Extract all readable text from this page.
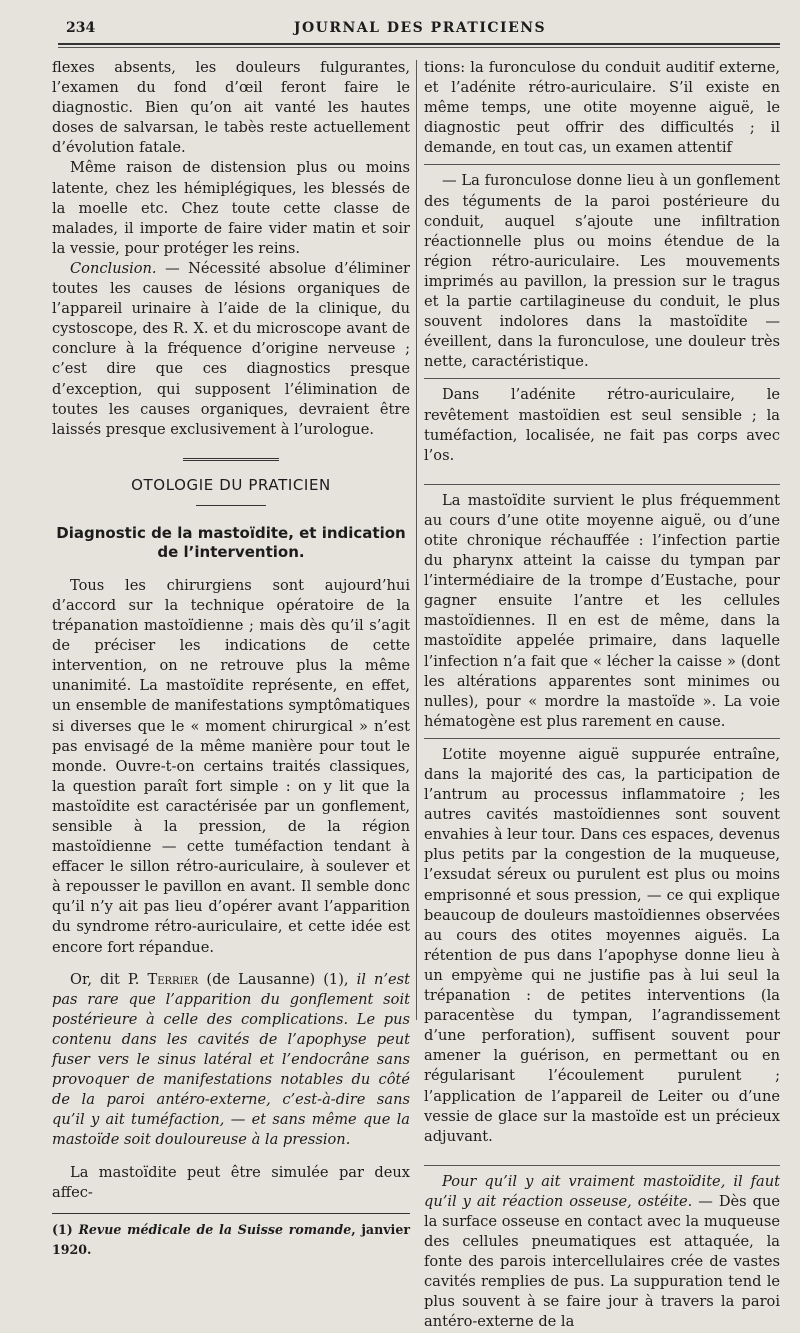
234	JOURNAL DES PRATICIENS

flexes absents, les douleurs fulgurantes, l’examen du fond d’œil feront faire le diagnostic. Bien qu’on ait vanté les hautes doses de salvarsan, le tabès reste actuellement d’évolution fatale.

Même raison de distension plus ou moins latente, chez les hémiplégiques, les blessés de la moelle etc. Chez toute cette classe de malades, il importe de faire vider matin et soir la vessie, pour protéger les reins.

Conclusion. — Nécessité absolue d’éliminer toutes les causes de lésions organiques de l’appareil urinaire à l’aide de la clinique, du cystoscope, des R. X. et du microscope avant de conclure à la fréquence d’origine nerveuse ; c’est dire que ces diagnostics presque d’exception, qui supposent l’élimination de toutes les causes organiques, devraient être laissés presque exclusivement à l’urologue.

OTOLOGIE DU PRATICIEN
Diagnostic de la mastoïdite, et indication de l’intervention.

Tous les chirurgiens sont aujourd’hui d’accord sur la technique opératoire de la trépanation mastoïdienne ; mais dès qu’il s’agit de préciser les indications de cette intervention, on ne retrouve plus la même unanimité. La mastoïdite représente, en effet, un ensemble de manifestations symptômatiques si diverses que le « moment chirurgical » n’est pas envisagé de la même manière pour tout le monde. Ouvre-t-on certains traités classiques, la question paraît fort simple : on y lit que la mastoïdite est caractérisée par un gonflement, sensible à la pression, de la région mastoïdienne — cette tuméfaction tendant à effacer le sillon rétro-auriculaire, à soulever et à repousser le pavillon en avant. Il semble donc qu’il n’y ait pas lieu d’opérer avant l’apparition du syndrome rétro-auriculaire, et cette idée est encore fort répandue.

Or, dit P. Terrier (de Lausanne) (1), il n’est pas rare que l’apparition du gonflement soit postérieure à celle des complications. Le pus contenu dans les cavités de l’apophyse peut fuser vers le sinus latéral et l’endocrâne sans provoquer de manifestations notables du côté de la paroi antéro-externe, c’est-à-dire sans qu’il y ait tuméfaction, — et sans même que la mastoïde soit douloureuse à la pression.

La mastoïdite peut être simulée par deux affec-

(1) Revue médicale de la Suisse romande, janvier 1920.

tions: la furonculose du conduit auditif externe, et l’adénite rétro-auriculaire. S’il existe en même temps, une otite moyenne aiguë, le diagnostic peut offrir des difficultés ; il demande, en tout cas, un examen attentif

— La furonculose donne lieu à un gonflement des téguments de la paroi postérieure du conduit, auquel s’ajoute une infiltration réactionnelle plus ou moins étendue de la région rétro-auriculaire. Les mouvements imprimés au pavillon, la pression sur le tragus et la partie cartilagineuse du conduit, le plus souvent indolores dans la mastoïdite — éveillent, dans la furonculose, une douleur très nette, caractéristique.

Dans l’adénite rétro-auriculaire, le revêtement mastoïdien est seul sensible ; la tuméfaction, localisée, ne fait pas corps avec l’os.

La mastoïdite survient le plus fréquemment au cours d’une otite moyenne aiguë, ou d’une otite chronique réchauffée : l’infection partie du pharynx atteint la caisse du tympan par l’intermédiaire de la trompe d’Eustache, pour gagner ensuite l’antre et les cellules mastoïdiennes. Il en est de même, dans la mastoïdite appelée primaire, dans laquelle l’infection n’a fait que « lécher la caisse » (dont les altérations apparentes sont minimes ou nulles), pour « mordre la mastoïde ». La voie hématogène est plus rarement en cause.

L’otite moyenne aiguë suppurée entraîne, dans la majorité des cas, la participation de l’antrum au processus inflammatoire ; les autres cavités mastoïdiennes sont souvent envahies à leur tour. Dans ces espaces, devenus plus petits par la congestion de la muqueuse, l’exsudat séreux ou purulent est plus ou moins emprisonné et sous pression, — ce qui explique beaucoup de douleurs mastoïdiennes observées au cours des otites moyennes aiguës. La rétention de pus dans l’apophyse donne lieu à un empyème qui ne justifie pas à lui seul la trépanation : de petites interventions (la paracentèse du tympan, l’agrandissement d’une perforation), suffisent souvent pour amener la guérison, en permettant ou en régularisant l’écoulement purulent ; l’application de l’appareil de Leiter ou d’une vessie de glace sur la mastoïde est un précieux adjuvant.

Pour qu’il y ait vraiment mastoïdite, il faut qu’il y ait réaction osseuse, ostéite. — Dès que la surface osseuse en contact avec la muqueuse des cellules pneumatiques est attaquée, la fonte des parois intercellulaires crée de vastes cavités remplies de pus. La suppuration tend le plus souvent à se faire jour à travers la paroi antéro-externe de la
